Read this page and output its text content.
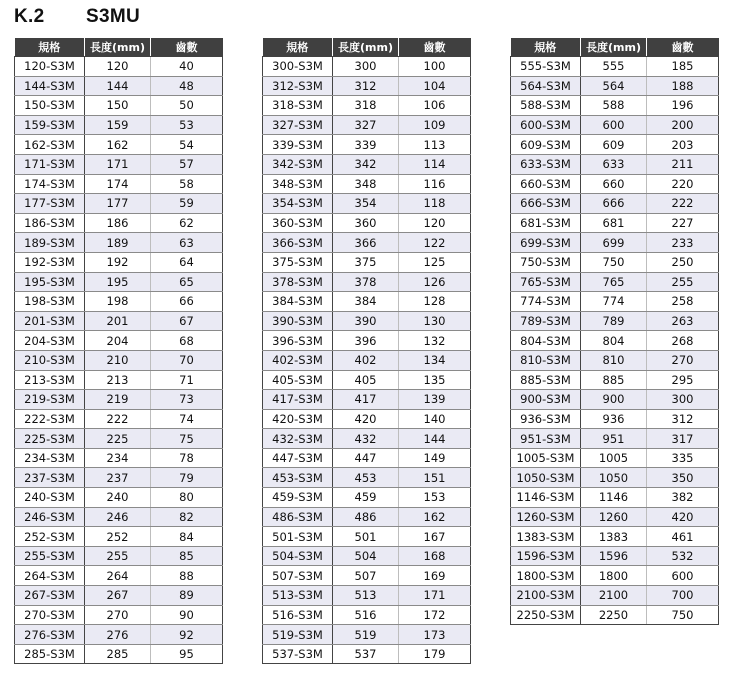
K.2 S3MU
規格	長度(mm)	齒數
120-S3M	120	40
144-S3M	144	48
150-S3M	150	50
159-S3M	159	53
162-S3M	162	54
171-S3M	171	57
174-S3M	174	58
177-S3M	177	59
186-S3M	186	62
189-S3M	189	63
192-S3M	192	64
195-S3M	195	65
198-S3M	198	66
201-S3M	201	67
204-S3M	204	68
210-S3M	210	70
213-S3M	213	71
219-S3M	219	73
222-S3M	222	74
225-S3M	225	75
234-S3M	234	78
237-S3M	237	79
240-S3M	240	80
246-S3M	246	82
252-S3M	252	84
255-S3M	255	85
264-S3M	264	88
267-S3M	267	89
270-S3M	270	90
276-S3M	276	92
285-S3M	285	95
規格	長度(mm)	齒數
300-S3M	300	100
312-S3M	312	104
318-S3M	318	106
327-S3M	327	109
339-S3M	339	113
342-S3M	342	114
348-S3M	348	116
354-S3M	354	118
360-S3M	360	120
366-S3M	366	122
375-S3M	375	125
378-S3M	378	126
384-S3M	384	128
390-S3M	390	130
396-S3M	396	132
402-S3M	402	134
405-S3M	405	135
417-S3M	417	139
420-S3M	420	140
432-S3M	432	144
447-S3M	447	149
453-S3M	453	151
459-S3M	459	153
486-S3M	486	162
501-S3M	501	167
504-S3M	504	168
507-S3M	507	169
513-S3M	513	171
516-S3M	516	172
519-S3M	519	173
537-S3M	537	179
規格	長度(mm)	齒數
555-S3M	555	185
564-S3M	564	188
588-S3M	588	196
600-S3M	600	200
609-S3M	609	203
633-S3M	633	211
660-S3M	660	220
666-S3M	666	222
681-S3M	681	227
699-S3M	699	233
750-S3M	750	250
765-S3M	765	255
774-S3M	774	258
789-S3M	789	263
804-S3M	804	268
810-S3M	810	270
885-S3M	885	295
900-S3M	900	300
936-S3M	936	312
951-S3M	951	317
1005-S3M	1005	335
1050-S3M	1050	350
1146-S3M	1146	382
1260-S3M	1260	420
1383-S3M	1383	461
1596-S3M	1596	532
1800-S3M	1800	600
2100-S3M	2100	700
2250-S3M	2250	750
